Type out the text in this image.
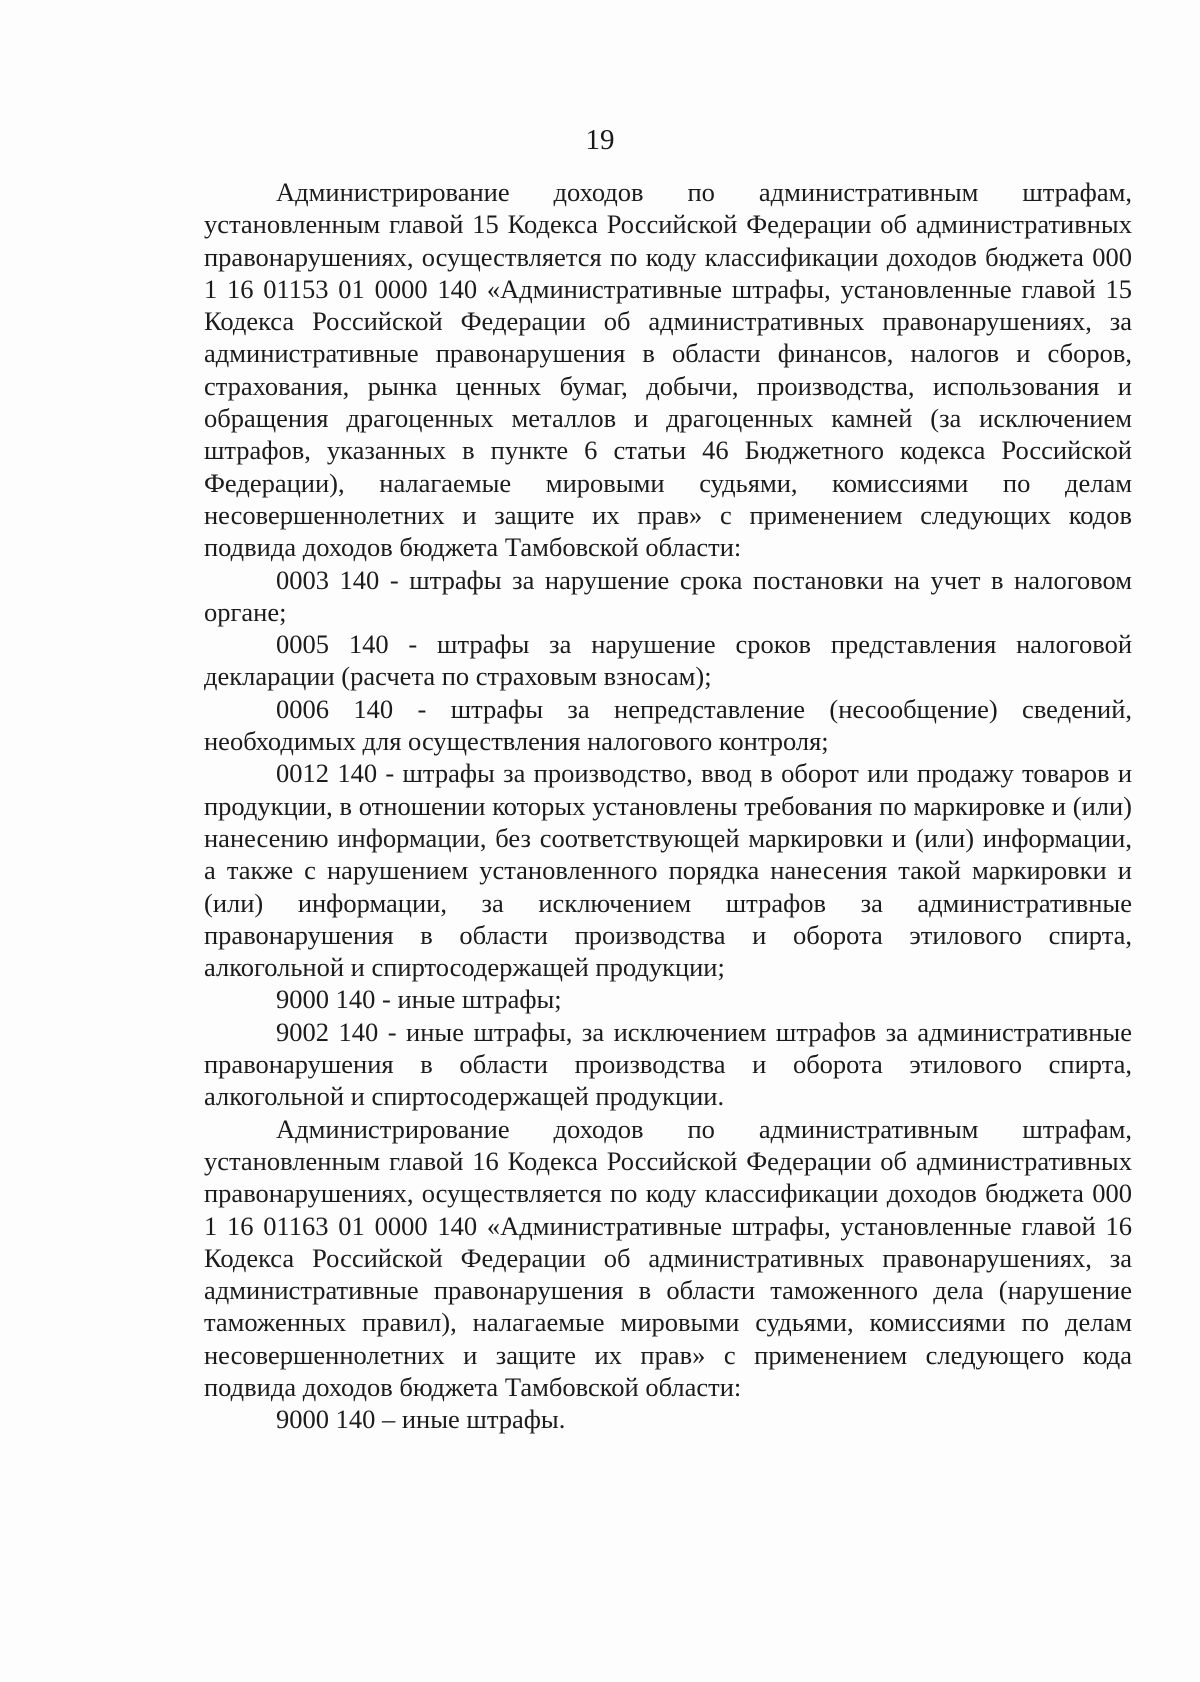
19

Администрирование доходов по административным штрафам, установленным главой 15 Кодекса Российской Федерации об административных правонарушениях, осуществляется по коду классификации доходов бюджета 000 1 16 01153 01 0000 140 «Административные штрафы, установленные главой 15 Кодекса Российской Федерации об административных правонарушениях, за административные правонарушения в области финансов, налогов и сборов, страхования, рынка ценных бумаг, добычи, производства, использования и обращения драгоценных металлов и драгоценных камней (за исключением штрафов, указанных в пункте 6 статьи 46 Бюджетного кодекса Российской Федерации), налагаемые мировыми судьями, комиссиями по делам несовершеннолетних и защите их прав» с применением следующих кодов подвида доходов бюджета Тамбовской области:

0003 140 - штрафы за нарушение срока постановки на учет в налоговом органе;

0005 140 - штрафы за нарушение сроков представления налоговой декларации (расчета по страховым взносам);

0006 140 - штрафы за непредставление (несообщение) сведений, необходимых для осуществления налогового контроля;

0012 140 - штрафы за производство, ввод в оборот или продажу товаров и продукции, в отношении которых установлены требования по маркировке и (или) нанесению информации, без соответствующей маркировки и (или) информации, а также с нарушением установленного порядка нанесения такой маркировки и (или) информации, за исключением штрафов за административные правонарушения в области производства и оборота этилового спирта, алкогольной и спиртосодержащей продукции;

9000 140 - иные штрафы;

9002 140 - иные штрафы, за исключением штрафов за административные правонарушения в области производства и оборота этилового спирта, алкогольной и спиртосодержащей продукции.

Администрирование доходов по административным штрафам, установленным главой 16 Кодекса Российской Федерации об административных правонарушениях, осуществляется по коду классификации доходов бюджета 000 1 16 01163 01 0000 140 «Административные штрафы, установленные главой 16 Кодекса Российской Федерации об административных правонарушениях, за административные правонарушения в области таможенного дела (нарушение таможенных правил), налагаемые мировыми судьями, комиссиями по делам несовершеннолетних и защите их прав» с применением следующего кода подвида доходов бюджета Тамбовской области:

9000 140 – иные штрафы.
